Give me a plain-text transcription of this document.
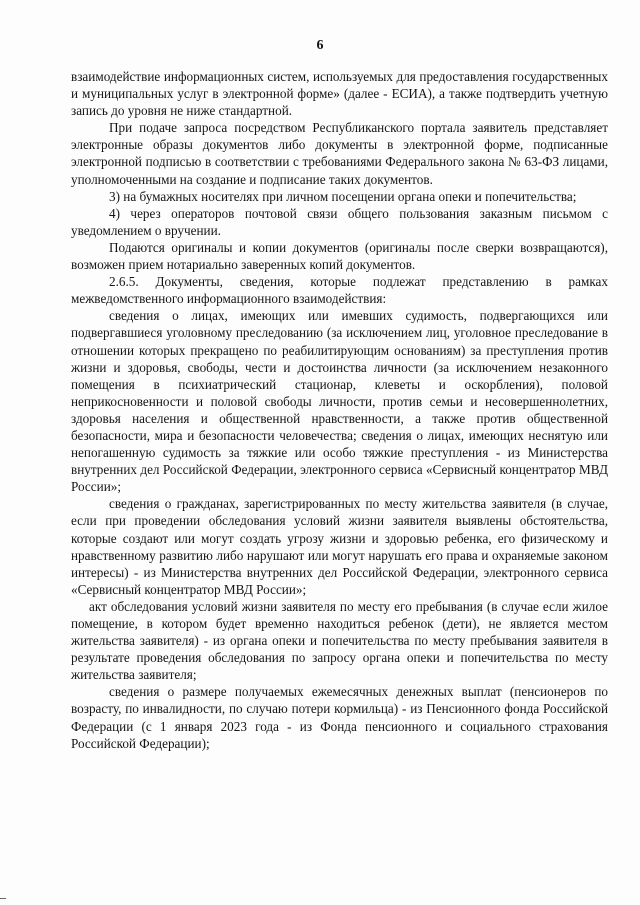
6

взаимодействие информационных систем, используемых для предоставления государственных и муниципальных услуг в электронной форме» (далее - ЕСИА), а также подтвердить учетную запись до уровня не ниже стандартной.

При подаче запроса посредством Республиканского портала заявитель представляет электронные образы документов либо документы в электронной форме, подписанные электронной подписью в соответствии с требованиями Федерального закона № 63-ФЗ лицами, уполномоченными на создание и подписание таких документов.

3) на бумажных носителях при личном посещении органа опеки и попечительства;

4) через операторов почтовой связи общего пользования заказным письмом с уведомлением о вручении.

Подаются оригиналы и копии документов (оригиналы после сверки возвращаются), возможен прием нотариально заверенных копий документов.

2.6.5. Документы, сведения, которые подлежат представлению в рамках межведомственного информационного взаимодействия:

сведения о лицах, имеющих или имевших судимость, подвергающихся или подвергавшиеся уголовному преследованию (за исключением лиц, уголовное преследование в отношении которых прекращено по реабилитирующим основаниям) за преступления против жизни и здоровья, свободы, чести и достоинства личности (за исключением незаконного помещения в психиатрический стационар, клеветы и оскорбления), половой неприкосновенности и половой свободы личности, против семьи и несовершеннолетних, здоровья населения и общественной нравственности, а также против общественной безопасности, мира и безопасности человечества; сведения о лицах, имеющих неснятую или непогашенную судимость за тяжкие или особо тяжкие преступления - из Министерства внутренних дел Российской Федерации, электронного сервиса «Сервисный концентратор МВД России»;

сведения о гражданах, зарегистрированных по месту жительства заявителя (в случае, если при проведении обследования условий жизни заявителя выявлены обстоятельства, которые создают или могут создать угрозу жизни и здоровью ребенка, его физическому и нравственному развитию либо нарушают или могут нарушать его права и охраняемые законом интересы) - из Министерства внутренних дел Российской Федерации, электронного сервиса «Сервисный концентратор МВД России»;

акт обследования условий жизни заявителя по месту его пребывания (в случае если жилое помещение, в котором будет временно находиться ребенок (дети), не является местом жительства заявителя) - из органа опеки и попечительства по месту пребывания заявителя в результате проведения обследования по запросу органа опеки и попечительства по месту жительства заявителя;

сведения о размере получаемых ежемесячных денежных выплат (пенсионеров по возрасту, по инвалидности, по случаю потери кормильца) - из Пенсионного фонда Российской Федерации (с 1 января 2023 года - из Фонда пенсионного и социального страхования Российской Федерации);
